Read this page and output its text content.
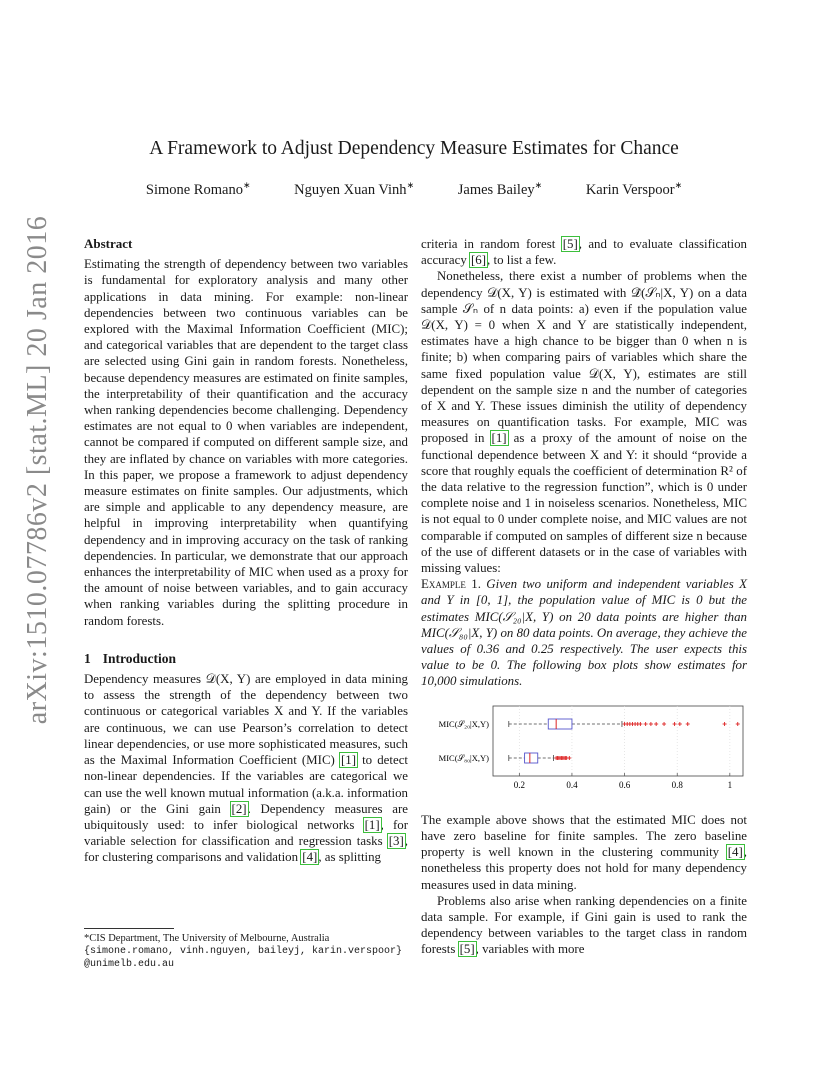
arXiv:1510.07786v2 [stat.ML] 20 Jan 2016
A Framework to Adjust Dependency Measure Estimates for Chance
Simone Romano∗	Nguyen Xuan Vinh∗	James Bailey∗	Karin Verspoor∗
Abstract

Estimating the strength of dependency between two variables is fundamental for exploratory analysis and many other applications in data mining. For example: non-linear dependencies between two continuous variables can be explored with the Maximal Information Coefficient (MIC); and categorical variables that are dependent to the target class are selected using Gini gain in random forests. Nonetheless, because dependency measures are estimated on finite samples, the interpretability of their quantification and the accuracy when ranking dependencies become challenging. Dependency estimates are not equal to 0 when variables are independent, cannot be compared if computed on different sample size, and they are inflated by chance on variables with more categories. In this paper, we propose a framework to adjust dependency measure estimates on finite samples. Our adjustments, which are simple and applicable to any dependency measure, are helpful in improving interpretability when quantifying dependency and in improving accuracy on the task of ranking dependencies. In particular, we demonstrate that our approach enhances the interpretability of MIC when used as a proxy for the amount of noise between variables, and to gain accuracy when ranking variables during the splitting procedure in random forests.

1 Introduction

Dependency measures 𝒟(X, Y) are employed in data mining to assess the strength of the dependency between two continuous or categorical variables X and Y. If the variables are continuous, we can use Pearson’s correlation to detect linear dependencies, or use more sophisticated measures, such as the Maximal Information Coefficient (MIC) [1] to detect non-linear dependencies. If the variables are categorical we can use the well known mutual information (a.k.a. information gain) or the Gini gain [2]. Dependency measures are ubiquitously used: to infer biological networks [1], for variable selection for classification and regression tasks [3], for clustering comparisons and validation [4], as splitting

criteria in random forest [5], and to evaluate classification accuracy [6], to list a few.

Nonetheless, there exist a number of problems when the dependency 𝒟(X, Y) is estimated with 𝒟̂(𝒮ₙ|X, Y) on a data sample 𝒮ₙ of n data points: a) even if the population value 𝒟(X, Y) = 0 when X and Y are statistically independent, estimates have a high chance to be bigger than 0 when n is finite; b) when comparing pairs of variables which share the same fixed population value 𝒟(X, Y), estimates are still dependent on the sample size n and the number of categories of X and Y. These issues diminish the utility of dependency measures on quantification tasks. For example, MIC was proposed in [1] as a proxy of the amount of noise on the functional dependence between X and Y: it should “provide a score that roughly equals the coefficient of determination R² of the data relative to the regression function”, which is 0 under complete noise and 1 in noiseless scenarios. Nonetheless, MIC is not equal to 0 under complete noise, and MIC values are not comparable if computed on samples of different size n because of the use of different datasets or in the case of variables with missing values:

Example 1. Given two uniform and independent variables X and Y in [0, 1], the population value of MIC is 0 but the estimates MIC(𝒮₂₀|X, Y) on 20 data points are higher than MIC(𝒮₈₀|X, Y) on 80 data points. On average, they achieve the values of 0.36 and 0.25 respectively. The user expects this value to be 0. The following box plots show estimates for 10,000 simulations.

0.2	0.4	0.6	0.8	1
MIC(𝒮₂₀|X,Y)
MIC(𝒮₈₀|X,Y)

The example above shows that the estimated MIC does not have zero baseline for finite samples. The zero baseline property is well known in the clustering community [4], nonetheless this property does not hold for many dependency measures used in data mining.

Problems also arise when ranking dependencies on a finite data sample. For example, if Gini gain is used to rank the dependency between variables to the target class in random forests [5], variables with more

*CIS Department, The University of Melbourne, Australia
{simone.romano, vinh.nguyen, baileyj, karin.verspoor}
@unimelb.edu.au
